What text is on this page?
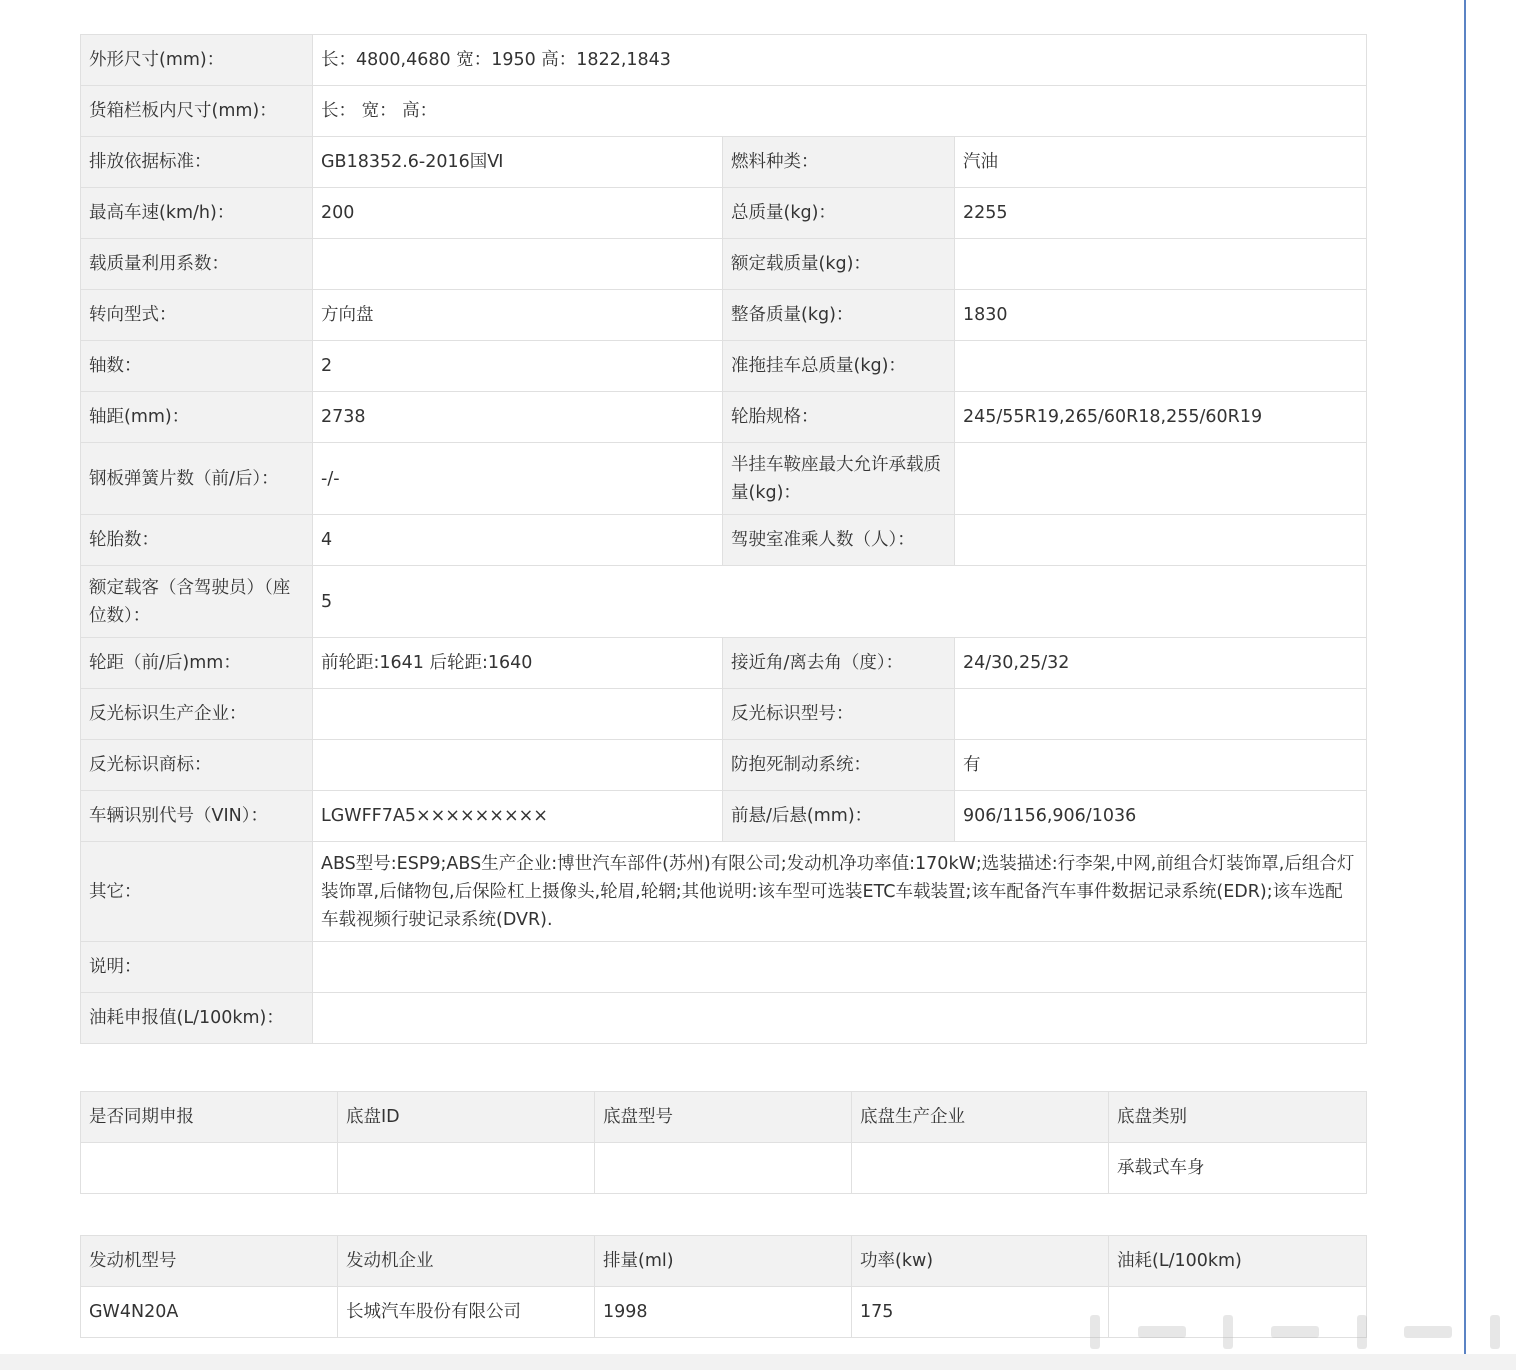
外形尺寸(mm)：	长：4800,4680 宽：1950 高：1822,1843		
货箱栏板内尺寸(mm)：	长： 宽： 高：		
排放依据标准：	GB18352.6-2016国Ⅵ	燃料种类：	汽油
最高车速(km/h)：	200	总质量(kg)：	2255
载质量利用系数：		额定载质量(kg)：	
转向型式：	方向盘	整备质量(kg)：	1830
轴数：	2	准拖挂车总质量(kg)：	
轴距(mm)：	2738	轮胎规格：	245/55R19,265/60R18,255/60R19
钢板弹簧片数（前/后）：	-/-	半挂车鞍座最大允许承载质量(kg)：	
轮胎数：	4	驾驶室准乘人数（人）：	
额定载客（含驾驶员）（座位数）：	5		
轮距（前/后)mm：	前轮距:1641 后轮距:1640	接近角/离去角（度）：	24/30,25/32
反光标识生产企业：		反光标识型号：	
反光标识商标：		防抱死制动系统：	有
车辆识别代号（VIN）：	LGWFF7A5×××××××××	前悬/后悬(mm)：	906/1156,906/1036
其它：	ABS型号:ESP9;ABS生产企业:博世汽车部件(苏州)有限公司;发动机净功率值:170kW;选装描述:行李架,中网,前组合灯装饰罩,后组合灯装饰罩,后储物包,后保险杠上摄像头,轮眉,轮辋;其他说明:该车型可选装ETC车载装置;该车配备汽车事件数据记录系统(EDR);该车选配车载视频行驶记录系统(DVR).		
说明：			
油耗申报值(L/100km)：			
是否同期申报	底盘ID	底盘型号	底盘生产企业	底盘类别
				承载式车身
发动机型号	发动机企业	排量(ml)	功率(kw)	油耗(L/100km)
GW4N20A	长城汽车股份有限公司	1998	175	
